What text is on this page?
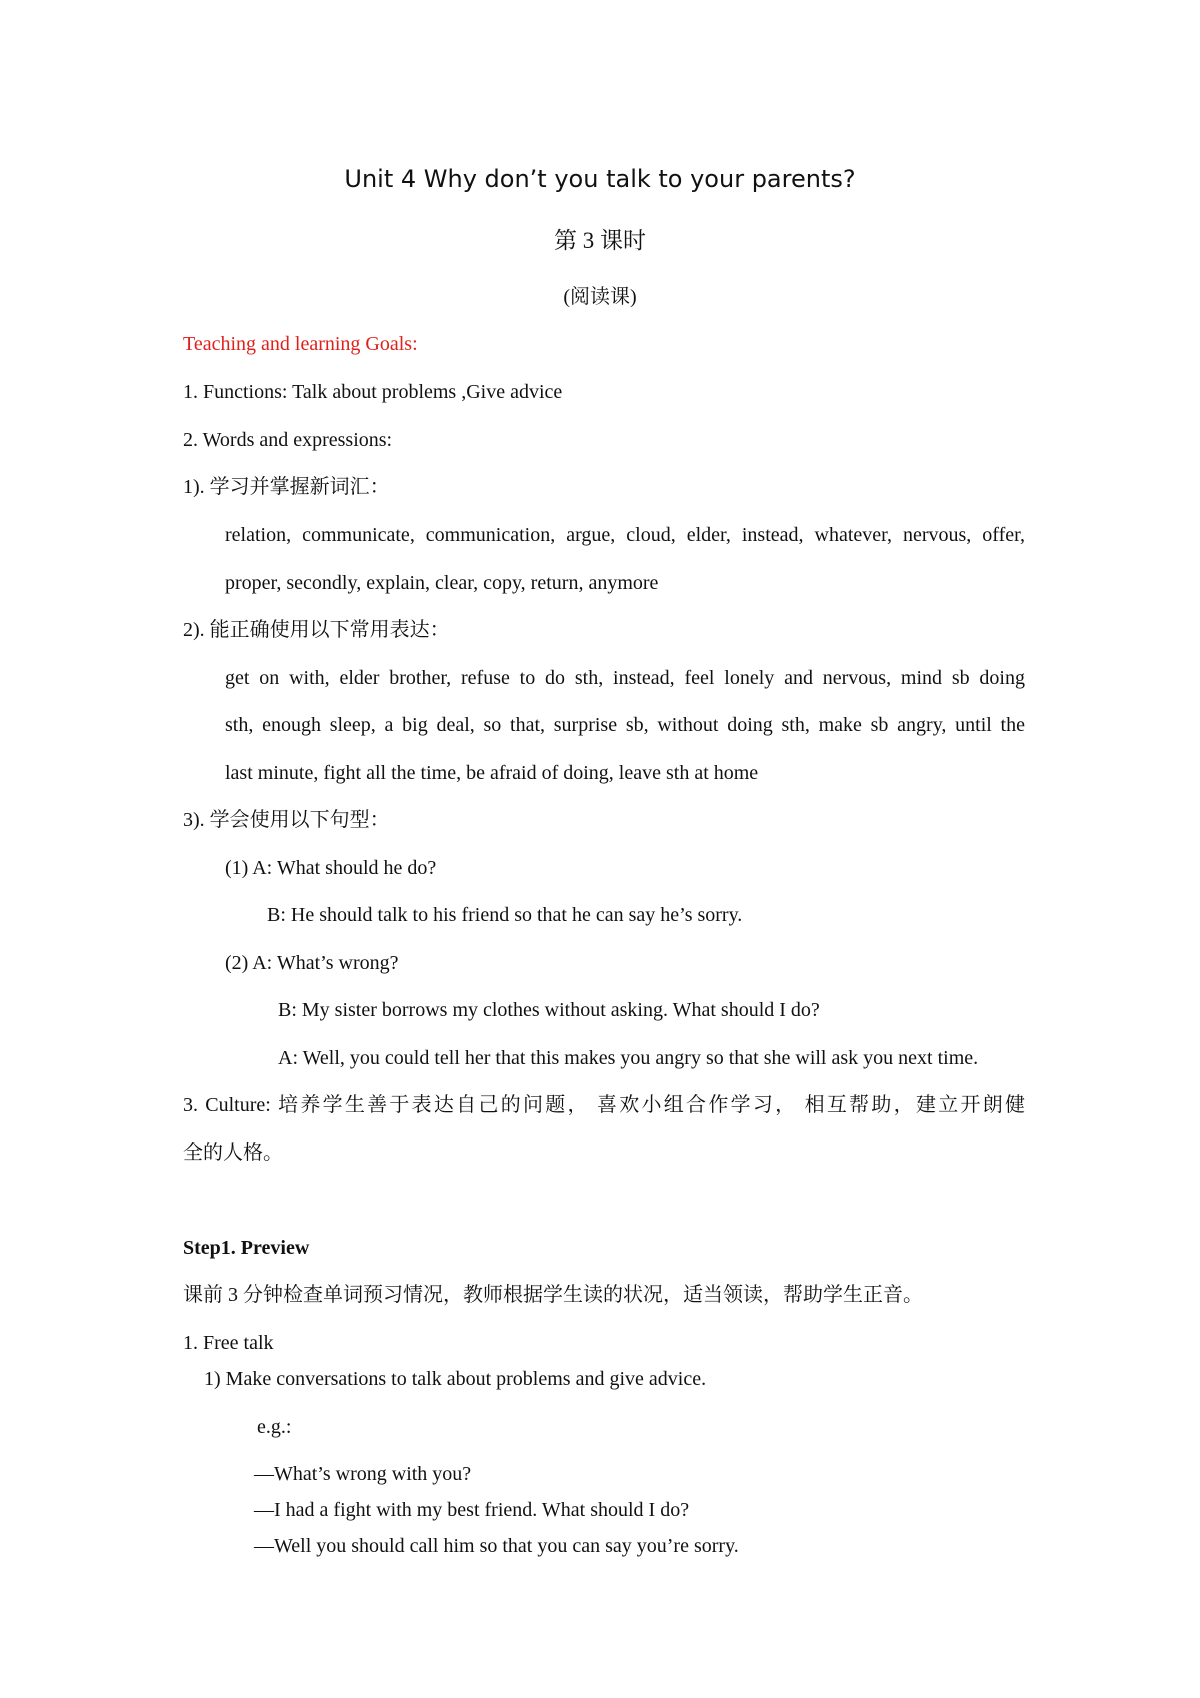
Unit 4 Why don’t you talk to your parents?
第 3 课时
(阅读课)
Teaching and learning Goals:
1. Functions: Talk about problems ,Give advice
2. Words and expressions:
1). 学习并掌握新词汇：
relation, communicate, communication, argue, cloud, elder, instead, whatever, nervous, offer,
proper, secondly, explain, clear, copy, return, anymore
2). 能正确使用以下常用表达：
get on with, elder brother, refuse to do sth, instead, feel lonely and nervous, mind sb doing
sth, enough sleep, a big deal, so that, surprise sb, without doing sth, make sb angry, until the
last minute, fight all the time, be afraid of doing, leave sth at home
3). 学会使用以下句型：
(1) A: What should he do?
B: He should talk to his friend so that he can say he’s sorry.
(2) A: What’s wrong?
B: My sister borrows my clothes without asking. What should I do?
A: Well, you could tell her that this makes you angry so that she will ask you next time.
3. Culture: 培养学生善于表达自己的问题， 喜欢小组合作学习， 相互帮助，建立开朗健
全的人格。
Step1. Preview
课前 3 分钟检查单词预习情况，教师根据学生读的状况，适当领读，帮助学生正音。
1. Free talk
1) Make conversations to talk about problems and give advice.
e.g.:
—What’s wrong with you?
—I had a fight with my best friend. What should I do?
—Well you should call him so that you can say you’re sorry.
